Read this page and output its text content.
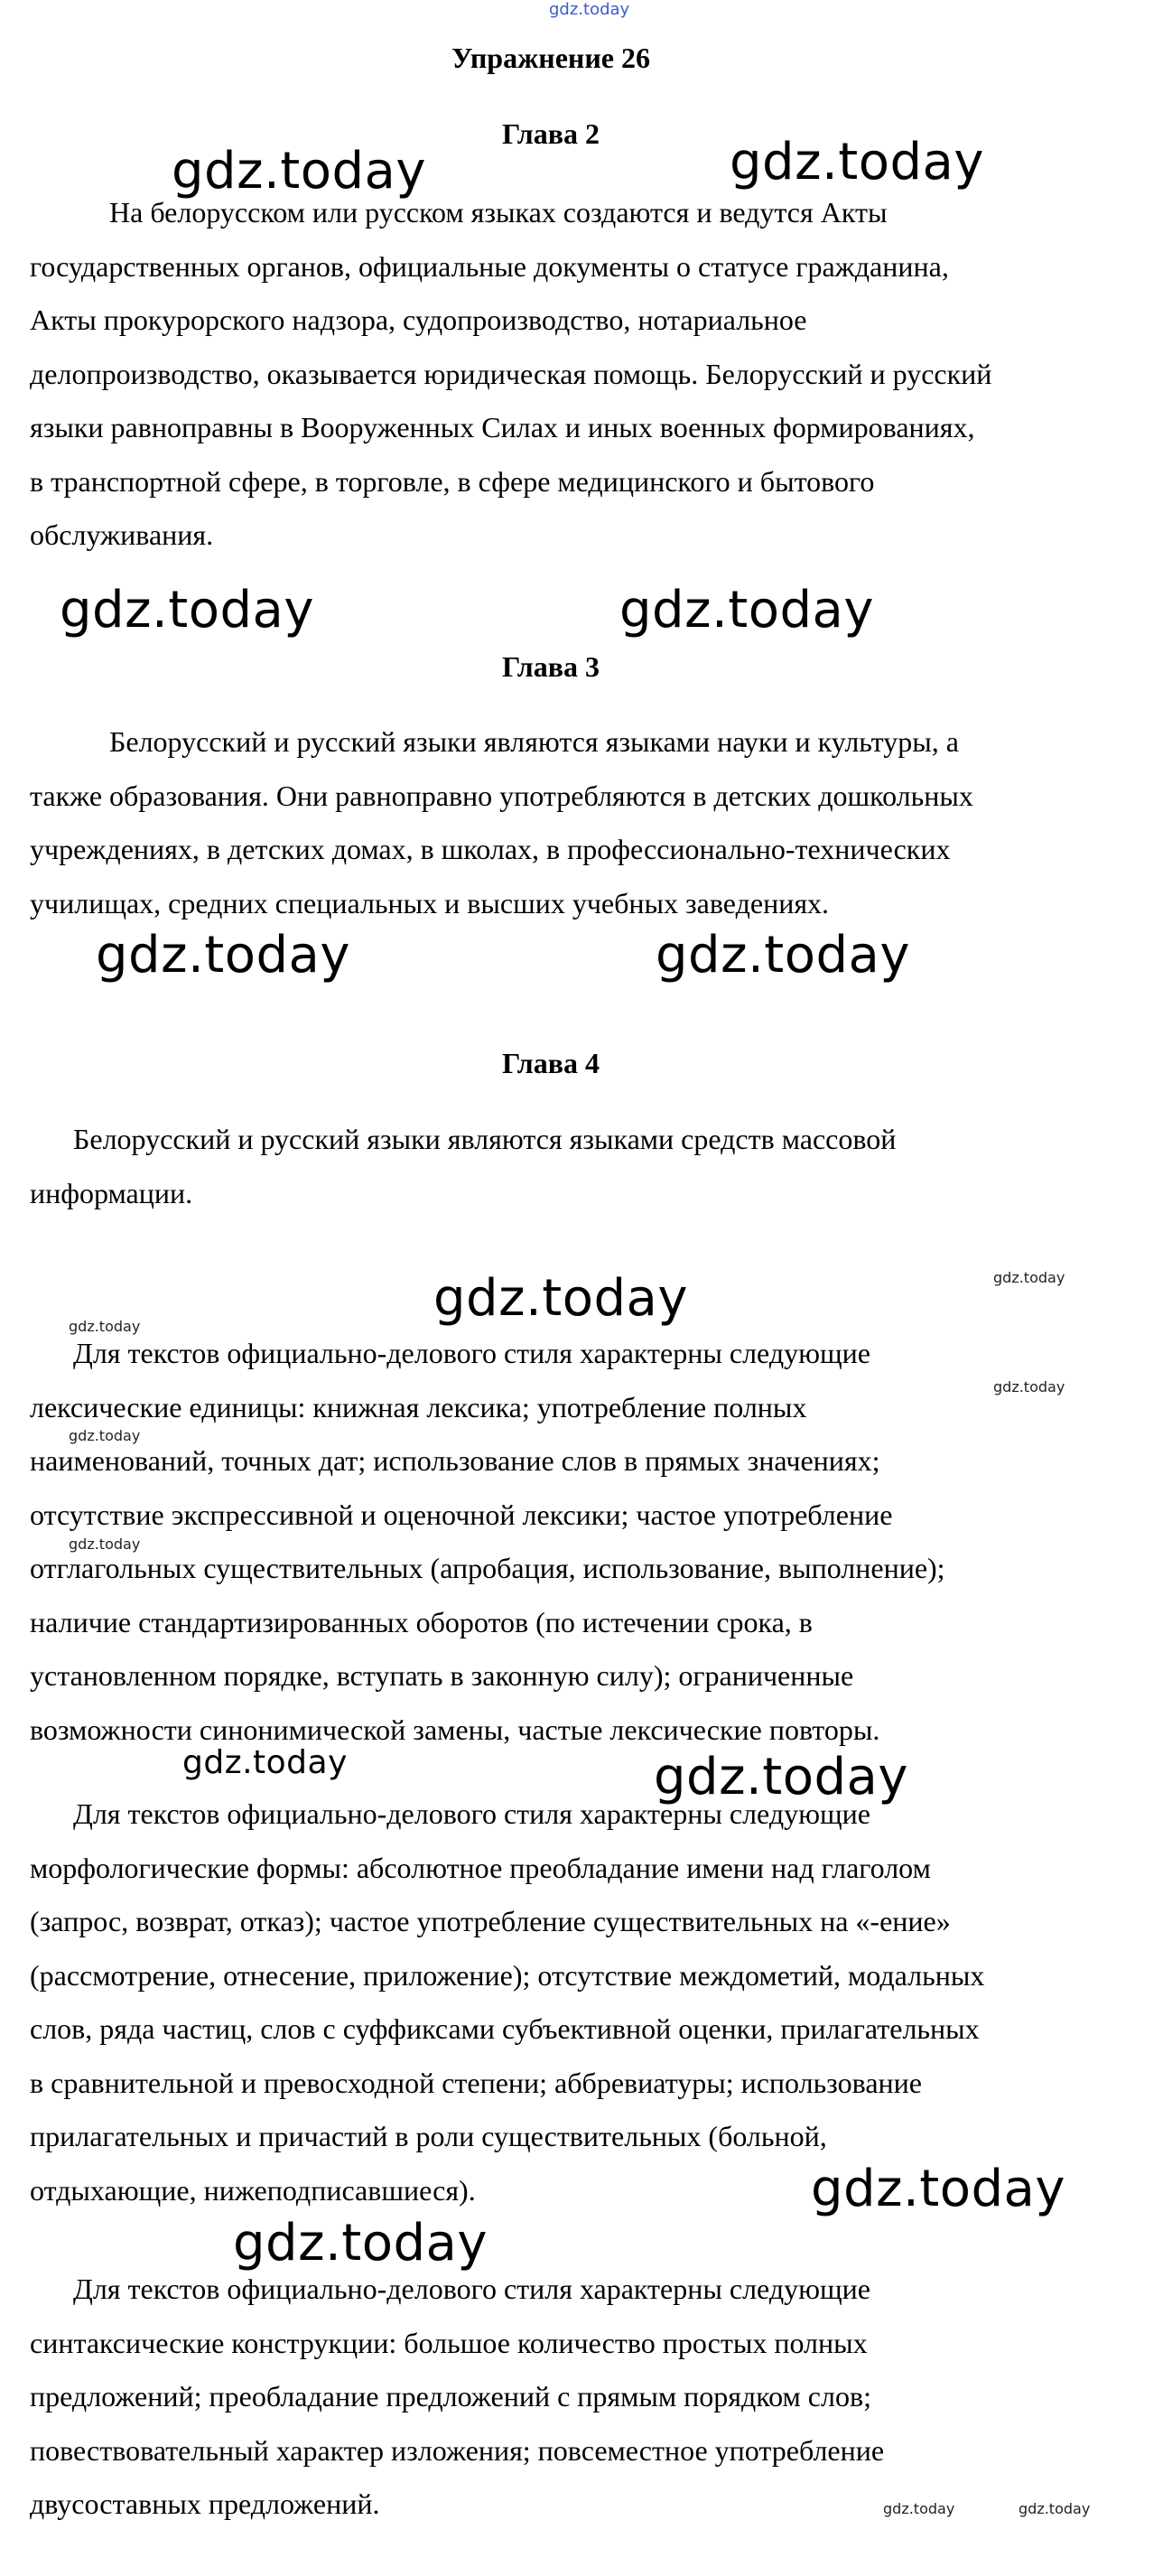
gdz.today
Упражнение 26
Глава 2
На белорусском или русском языках создаются и ведутся Акты
государственных органов, официальные документы о статусе гражданина,
Акты прокурорского надзора, судопроизводство, нотариальное
делопроизводство, оказывается юридическая помощь. Белорусский и русский
языки равноправны в Вооруженных Силах и иных военных формированиях,
в транспортной сфере, в торговле, в сфере медицинского и бытового
обслуживания.
Глава 3
Белорусский и русский языки являются языками науки и культуры, а
также образования. Они равноправно употребляются в детских дошкольных
учреждениях, в детских домах, в школах, в профессионально-технических
училищах, средних специальных и высших учебных заведениях.
Глава 4
Белорусский и русский языки являются языками средств массовой
информации.
Для текстов официально-делового стиля характерны следующие
лексические единицы: книжная лексика; употребление полных
наименований, точных дат; использование слов в прямых значениях;
отсутствие экспрессивной и оценочной лексики; частое употребление
отглагольных существительных (апробация, использование, выполнение);
наличие стандартизированных оборотов (по истечении срока, в
установленном порядке, вступать в законную силу); ограниченные
возможности синонимической замены, частые лексические повторы.
Для текстов официально-делового стиля характерны следующие
морфологические формы: абсолютное преобладание имени над глаголом
(запрос, возврат, отказ); частое употребление существительных на «-ение»
(рассмотрение, отнесение, приложение); отсутствие междометий, модальных
слов, ряда частиц, слов с суффиксами субъективной оценки, прилагательных
в сравнительной и превосходной степени; аббревиатуры; использование
прилагательных и причастий в роли существительных (больной,
отдыхающие, нижеподписавшиеся).
Для текстов официально-делового стиля характерны следующие
синтаксические конструкции: большое количество простых полных
предложений; преобладание предложений с прямым порядком слов;
повествовательный характер изложения; повсеместное употребление
двусоставных предложений.
gdz.today	gdz.today
gdz.today	gdz.today
gdz.today	gdz.today
gdz.today
gdz.today
gdz.today
gdz.today
gdz.today
gdz.today
gdz.today
gdz.today
gdz.today
gdz.today
gdz.today	gdz.today
